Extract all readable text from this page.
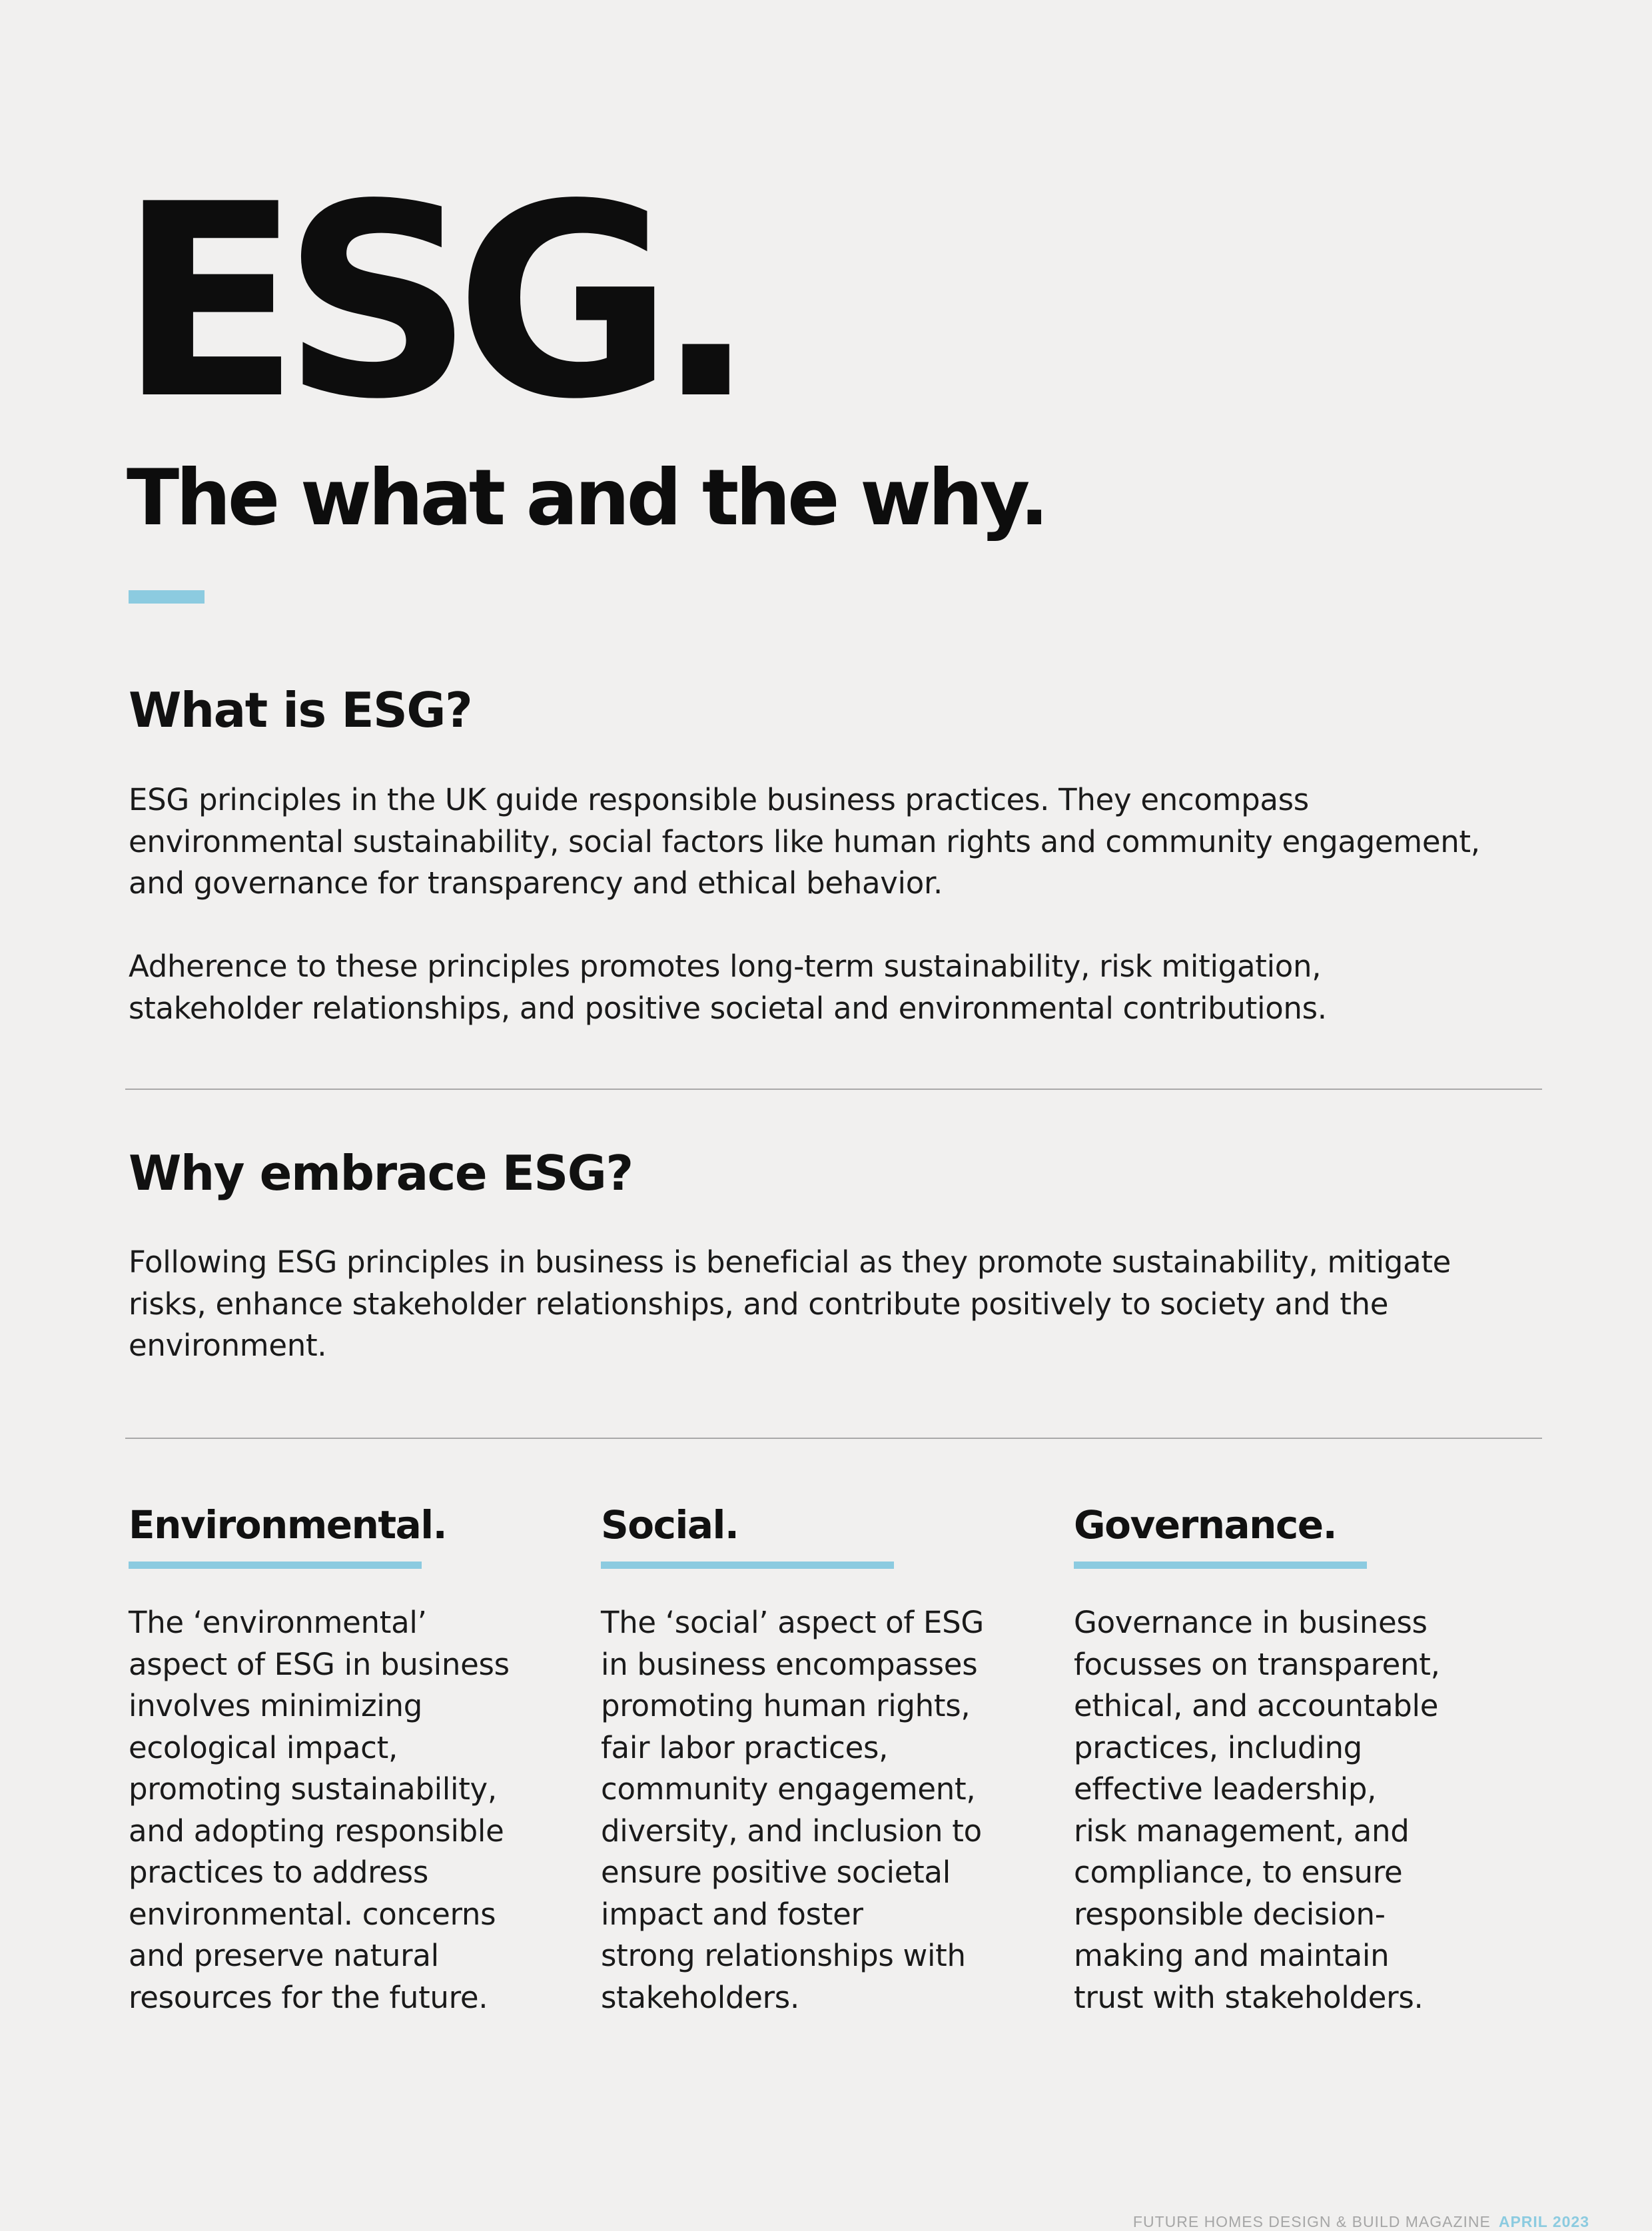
ESG.
The what and the why.
What is ESG?

ESG principles in the UK guide responsible business practices. They encompass environmental sustainability, social factors like human rights and community engagement, and governance for transparency and ethical behavior.

Adherence to these principles promotes long-term sustainability, risk mitigation, stakeholder relationships, and positive societal and environmental contributions.

Why embrace ESG?

Following ESG principles in business is beneficial as they promote sustainability, mitigate risks, enhance stakeholder relationships, and contribute positively to society and the environment.

Environmental.

The ‘environmental’
aspect of ESG in business
involves minimizing
ecological impact,
promoting sustainability,
and adopting responsible
practices to address
environmental. concerns
and preserve natural
resources for the future.

Social.

The ‘social’ aspect of ESG
in business encompasses
promoting human rights,
fair labor practices,
community engagement,
diversity, and inclusion to
ensure positive societal
impact and foster
strong relationships with
stakeholders.

Governance.

Governance in business
focusses on transparent,
ethical, and accountable
practices, including
effective leadership,
risk management, and
compliance, to ensure
responsible decision-
making and maintain
trust with stakeholders.

FUTURE HOMES DESIGN & BUILD MAGAZINE APRIL 2023
